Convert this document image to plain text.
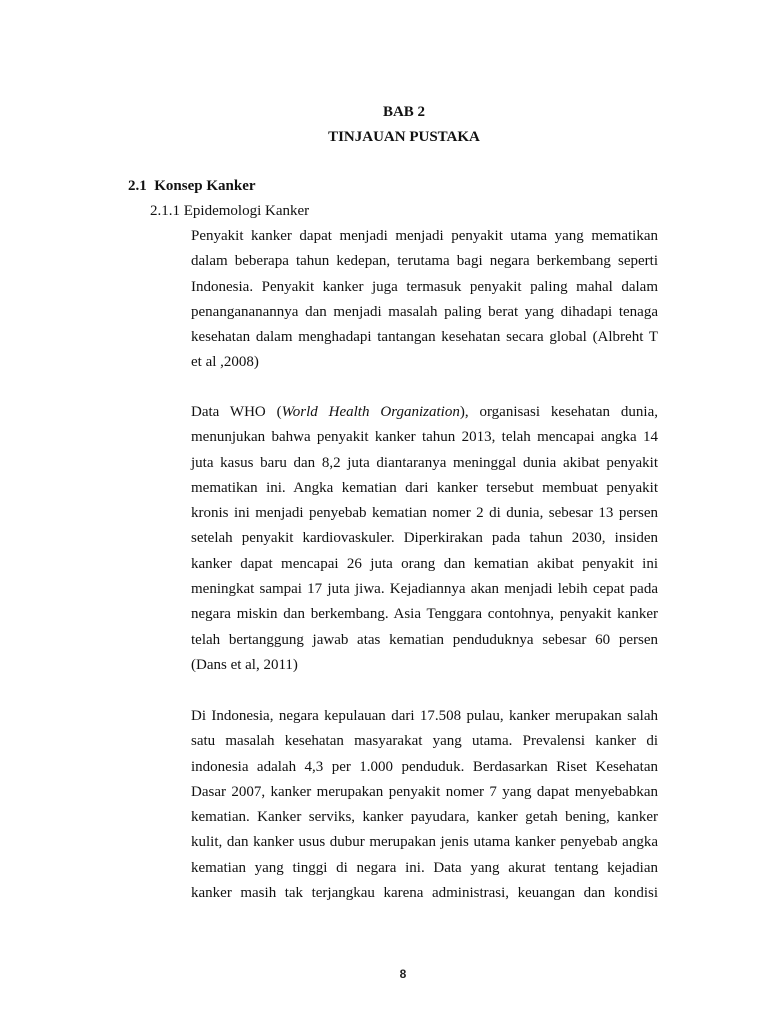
BAB 2
TINJAUAN PUSTAKA
2.1  Konsep Kanker
2.1.1 Epidemologi Kanker
Penyakit kanker dapat menjadi menjadi penyakit utama yang mematikan
dalam beberapa tahun kedepan, terutama bagi negara berkembang seperti
Indonesia. Penyakit kanker juga termasuk penyakit paling mahal dalam
penangananannya dan menjadi masalah paling berat yang dihadapi tenaga
kesehatan dalam menghadapi tantangan kesehatan secara global (Albreht T
et al ,2008)
Data WHO (World Health Organization), organisasi kesehatan dunia,
menunjukan bahwa penyakit kanker tahun 2013, telah mencapai angka 14
juta kasus baru dan 8,2 juta diantaranya meninggal dunia akibat penyakit
mematikan ini. Angka kematian dari kanker tersebut membuat penyakit
kronis ini menjadi penyebab kematian nomer 2 di dunia, sebesar 13 persen
setelah penyakit kardiovaskuler. Diperkirakan pada tahun 2030, insiden
kanker dapat mencapai 26 juta orang dan kematian akibat penyakit ini
meningkat sampai 17 juta jiwa. Kejadiannya akan menjadi lebih cepat pada
negara miskin dan berkembang. Asia Tenggara contohnya, penyakit kanker
telah bertanggung jawab atas kematian penduduknya sebesar 60 persen
(Dans et al, 2011)
Di Indonesia, negara kepulauan dari 17.508 pulau, kanker merupakan salah
satu masalah kesehatan masyarakat yang utama. Prevalensi kanker di
indonesia adalah 4,3 per 1.000 penduduk. Berdasarkan Riset Kesehatan
Dasar 2007, kanker merupakan penyakit nomer 7 yang dapat menyebabkan
kematian. Kanker serviks, kanker payudara, kanker getah bening, kanker
kulit, dan kanker usus dubur merupakan jenis utama kanker penyebab angka
kematian yang tinggi di negara ini. Data yang akurat tentang kejadian
kanker masih tak terjangkau karena administrasi, keuangan dan kondisi
8
